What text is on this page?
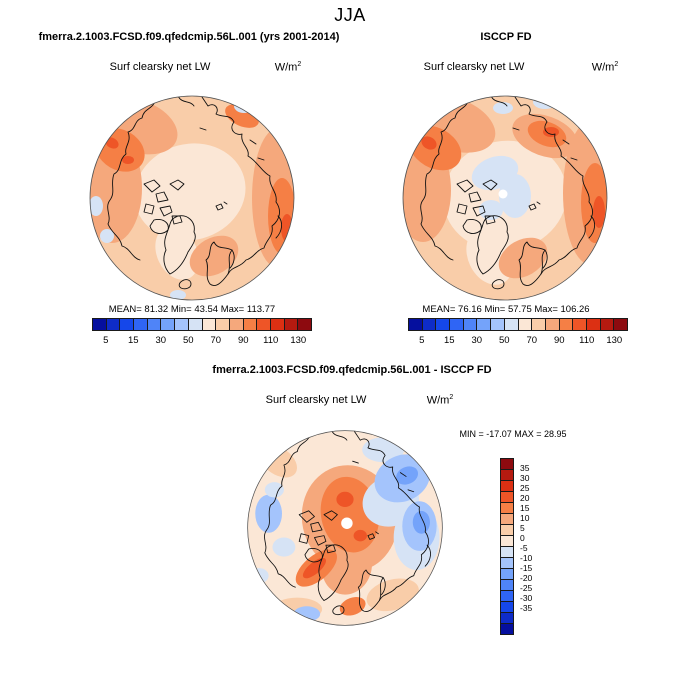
JJA
fmerra.2.1003.FCSD.f09.qfedcmip.56L.001 (yrs 2001-2014)	ISCCP FD
Surf clearsky net LW	$W/m^2$	Surf clearsky net LW	$W/m^2$
MEAN= 81.32 Min= 43.54 Max= 113.77	MEAN= 76.16 Min= 57.75 Max= 106.26
5 15 30 50 70 90 110 130	5 15 30 50 70 90 110 130
fmerra.2.1003.FCSD.f09.qfedcmip.56L.001 - ISCCP FD
Surf clearsky net LW	$W/m^2$
MIN = -17.07 MAX = 28.95
35
30
25
20
15
10
5
0
-5
-10
-15
-20
-25
-30
-35
